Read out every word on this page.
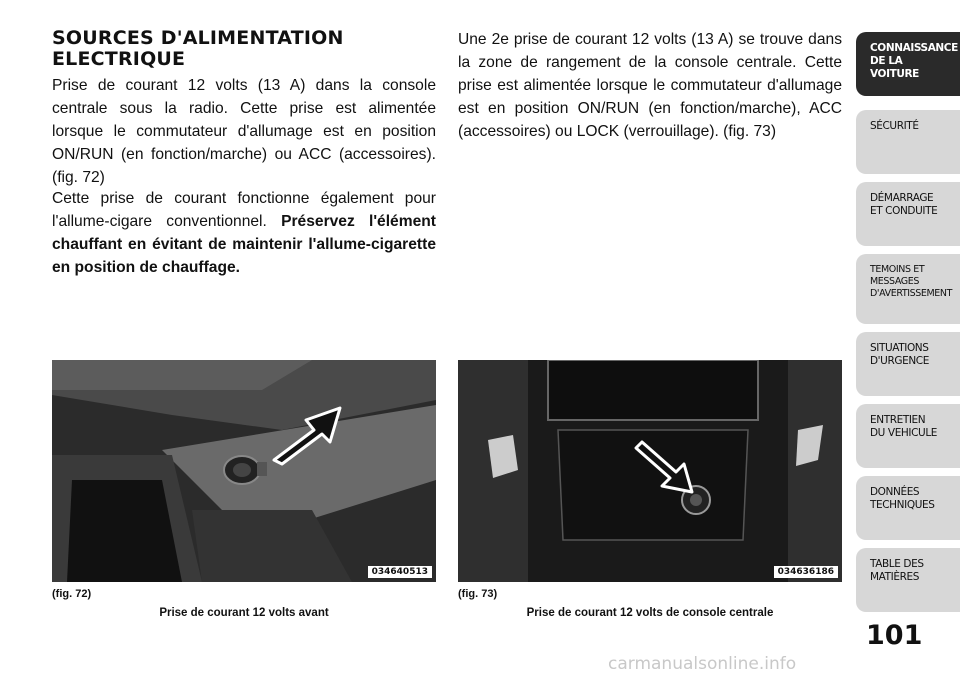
SOURCES D'ALIMENTATION ELECTRIQUE

Prise de courant 12 volts (13 A) dans la console centrale sous la radio. Cette prise est alimentée lorsque le commutateur d'allumage est en position ON/RUN (en fonction/marche) ou ACC (accessoires). (fig. 72)

Cette prise de courant fonctionne également pour l'allume-cigare conventionnel. Préservez l'élément chauffant en évitant de maintenir l'allume-cigarette en position de chauffage.

Une 2e prise de courant 12 volts (13 A) se trouve dans la zone de rangement de la console centrale. Cette prise est alimentée lorsque le commutateur d'allumage est en position ON/RUN (en fonction/marche), ACC (accessoires) ou LOCK (verrouillage). (fig. 73)

034640513
(fig. 72)
Prise de courant 12 volts avant
034636186
(fig. 73)
Prise de courant 12 volts de console centrale
CONNAISSANCE
DE LA VOITURE
SÉCURITÉ
DÉMARRAGE
ET CONDUITE
TEMOINS ET
MESSAGES
D'AVERTISSEMENT
SITUATIONS
D'URGENCE
ENTRETIEN
DU VEHICULE
DONNÉES
TECHNIQUES
TABLE DES
MATIÈRES
101
carmanualsonline.info
